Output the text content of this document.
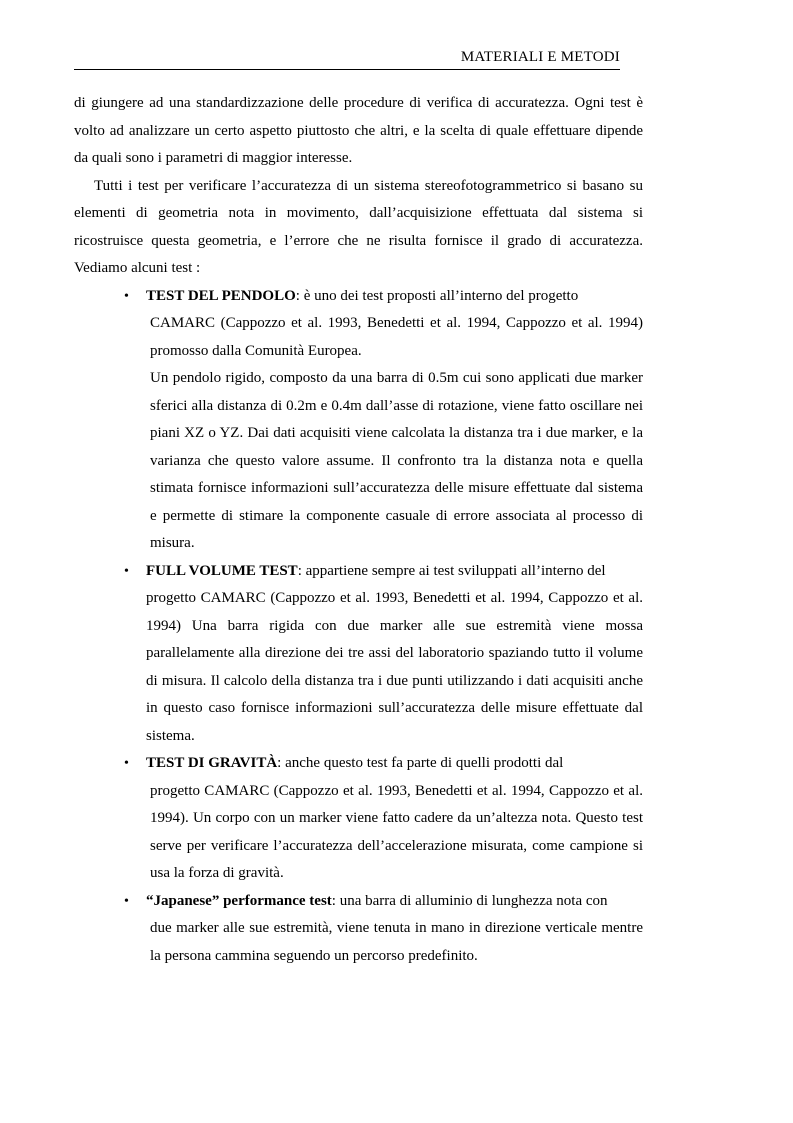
MATERIALI E METODI

di giungere ad una standardizzazione delle procedure di verifica di accuratezza. Ogni test è volto ad analizzare un certo aspetto piuttosto che altri, e la scelta di quale effettuare dipende da quali sono i parametri di maggior interesse.

Tutti i test per verificare l’accuratezza di un sistema stereofotogrammetrico si basano su elementi di geometria nota in movimento, dall’acquisizione effettuata dal sistema si ricostruisce questa geometria, e l’errore che ne risulta fornisce il grado di accuratezza. Vediamo alcuni test :

• TEST DEL PENDOLO: è uno dei test proposti all’interno del progetto

CAMARC (Cappozzo et al. 1993, Benedetti et al. 1994, Cappozzo et al. 1994) promosso dalla Comunità Europea.

Un pendolo rigido, composto da una barra di 0.5m cui sono applicati due marker sferici alla distanza di 0.2m e 0.4m dall’asse di rotazione, viene fatto oscillare nei piani XZ o YZ. Dai dati acquisiti viene calcolata la distanza tra i due marker, e la varianza che questo valore assume. Il confronto tra la distanza nota e quella stimata fornisce informazioni sull’accuratezza delle misure effettuate dal sistema e permette di stimare la componente casuale di errore associata al processo di misura.

• FULL VOLUME TEST: appartiene sempre ai test sviluppati all’interno del

progetto CAMARC (Cappozzo et al. 1993, Benedetti et al. 1994, Cappozzo et al. 1994) Una barra rigida con due marker alle sue estremità viene mossa parallelamente alla direzione dei tre assi del laboratorio spaziando tutto il volume di misura. Il calcolo della distanza tra i due punti utilizzando i dati acquisiti anche in questo caso fornisce informazioni sull’accuratezza delle misure effettuate dal sistema.

• TEST DI GRAVITÀ: anche questo test fa parte di quelli prodotti dal

progetto CAMARC (Cappozzo et al. 1993, Benedetti et al. 1994, Cappozzo et al. 1994). Un corpo con un marker viene fatto cadere da un’altezza nota. Questo test serve per verificare l’accuratezza dell’accelerazione misurata, come campione si usa la forza di gravità.

• “Japanese” performance test: una barra di alluminio di lunghezza nota con

due marker alle sue estremità, viene tenuta in mano in direzione verticale mentre la persona cammina seguendo un percorso predefinito.
